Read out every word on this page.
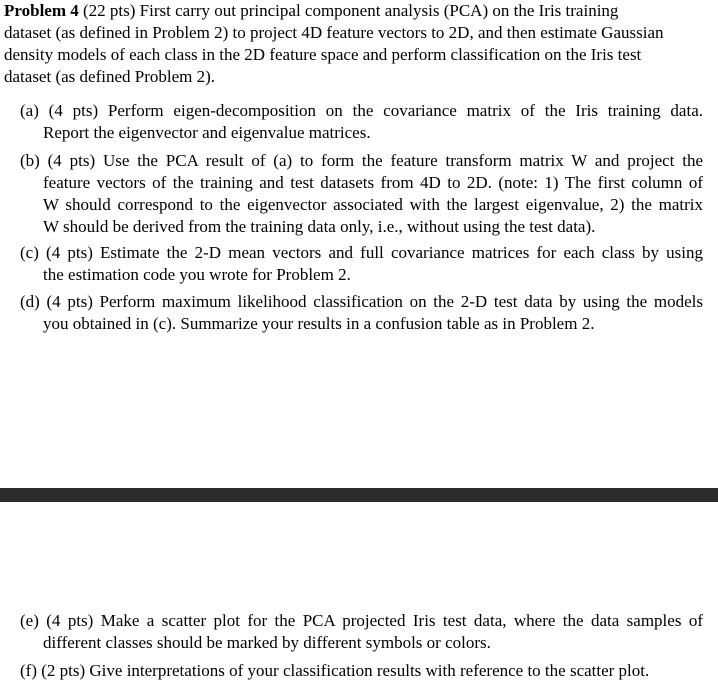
Problem 4 (22 pts) First carry out principal component analysis (PCA) on the Iris training
dataset (as defined in Problem 2) to project 4D feature vectors to 2D, and then estimate Gaussian
density models of each class in the 2D feature space and perform classification on the Iris test
dataset (as defined Problem 2).
(a) (4 pts) Perform eigen-decomposition on the covariance matrix of the Iris training data.
Report the eigenvector and eigenvalue matrices.
(b) (4 pts) Use the PCA result of (a) to form the feature transform matrix W and project the
feature vectors of the training and test datasets from 4D to 2D. (note: 1) The first column of
W should correspond to the eigenvector associated with the largest eigenvalue, 2) the matrix
W should be derived from the training data only, i.e., without using the test data).
(c) (4 pts) Estimate the 2-D mean vectors and full covariance matrices for each class by using
the estimation code you wrote for Problem 2.
(d) (4 pts) Perform maximum likelihood classification on the 2-D test data by using the models
you obtained in (c). Summarize your results in a confusion table as in Problem 2.
(e) (4 pts) Make a scatter plot for the PCA projected Iris test data, where the data samples of
different classes should be marked by different symbols or colors.
(f) (2 pts) Give interpretations of your classification results with reference to the scatter plot.
